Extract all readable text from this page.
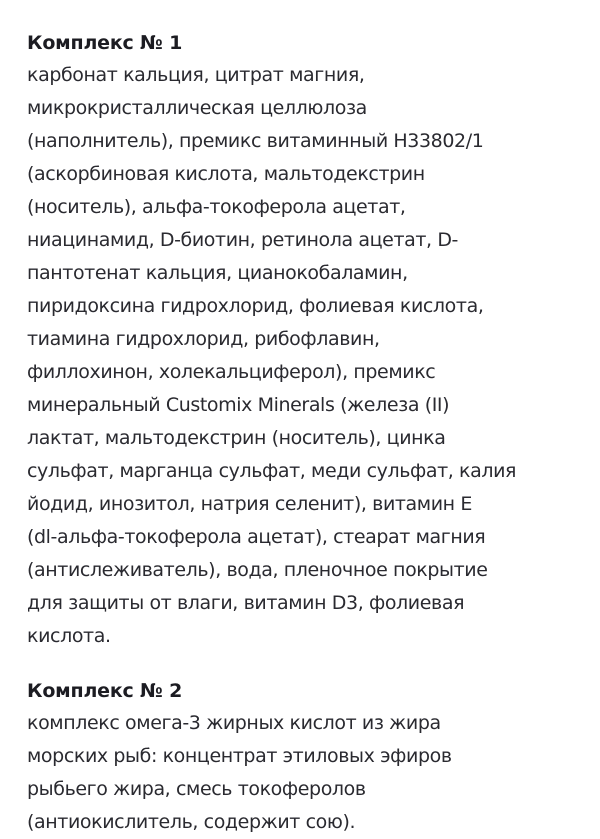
Комплекс № 1
карбонат кальция, цитрат магния,
микрокристаллическая целлюлоза
(наполнитель), премикс витаминный Н33802/1
(аскорбиновая кислота, мальтодекстрин
(носитель), альфа-токоферола ацетат,
ниацинамид, D-биотин, ретинола ацетат, D-
пантотенат кальция, цианокобаламин,
пиридоксина гидрохлорид, фолиевая кислота,
тиамина гидрохлорид, рибофлавин,
филлохинон, холекальциферол), премикс
минеральный Customix Minerals (железа (II)
лактат, мальтодекстрин (носитель), цинка
сульфат, марганца сульфат, меди сульфат, калия
йодид, инозитол, натрия селенит), витамин Е
(dl-альфа-токоферола ацетат), стеарат магния
(антислеживатель), вода, пленочное покрытие
для защиты от влаги, витамин D3, фолиевая
кислота.
Комплекс № 2
комплекс омега-3 жирных кислот из жира
морских рыб: концентрат этиловых эфиров
рыбьего жира, смесь токоферолов
(антиокислитель, содержит сою).
